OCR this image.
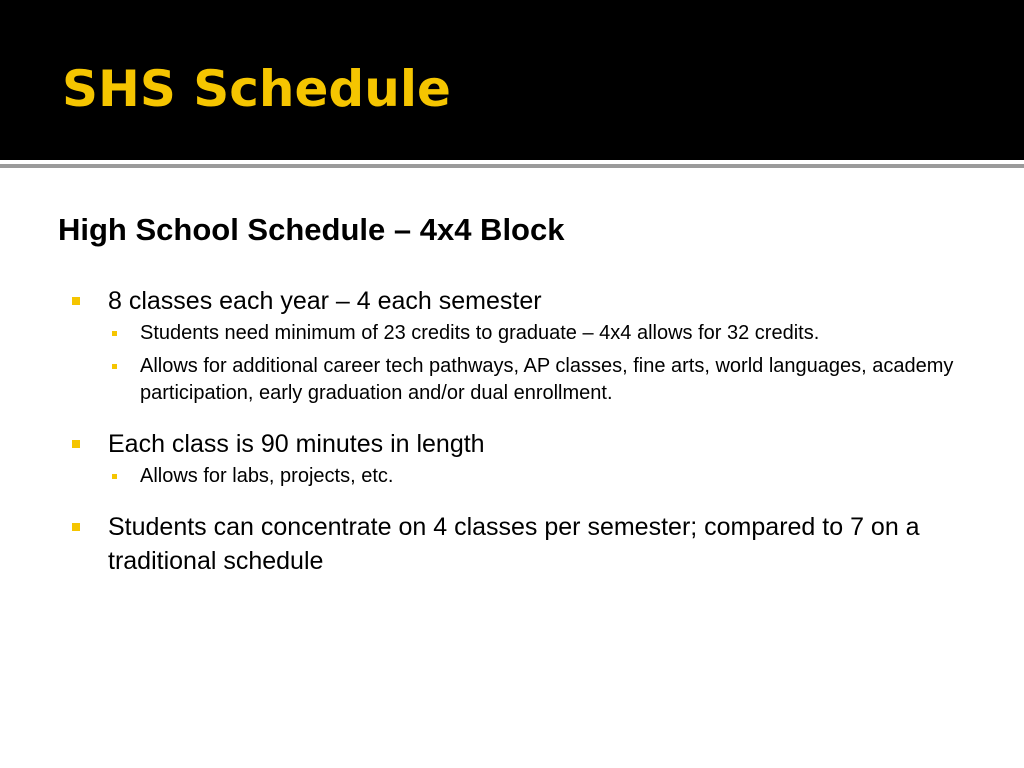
SHS Schedule
High School Schedule – 4x4 Block
8 classes each year – 4 each semester
Students need minimum of 23 credits to graduate – 4x4 allows for 32 credits.
Allows for additional career tech pathways, AP classes, fine arts, world languages, academy participation, early graduation and/or dual enrollment.
Each class is 90 minutes in length
Allows for labs, projects, etc.
Students can concentrate on 4 classes per semester; compared to 7 on a traditional schedule
